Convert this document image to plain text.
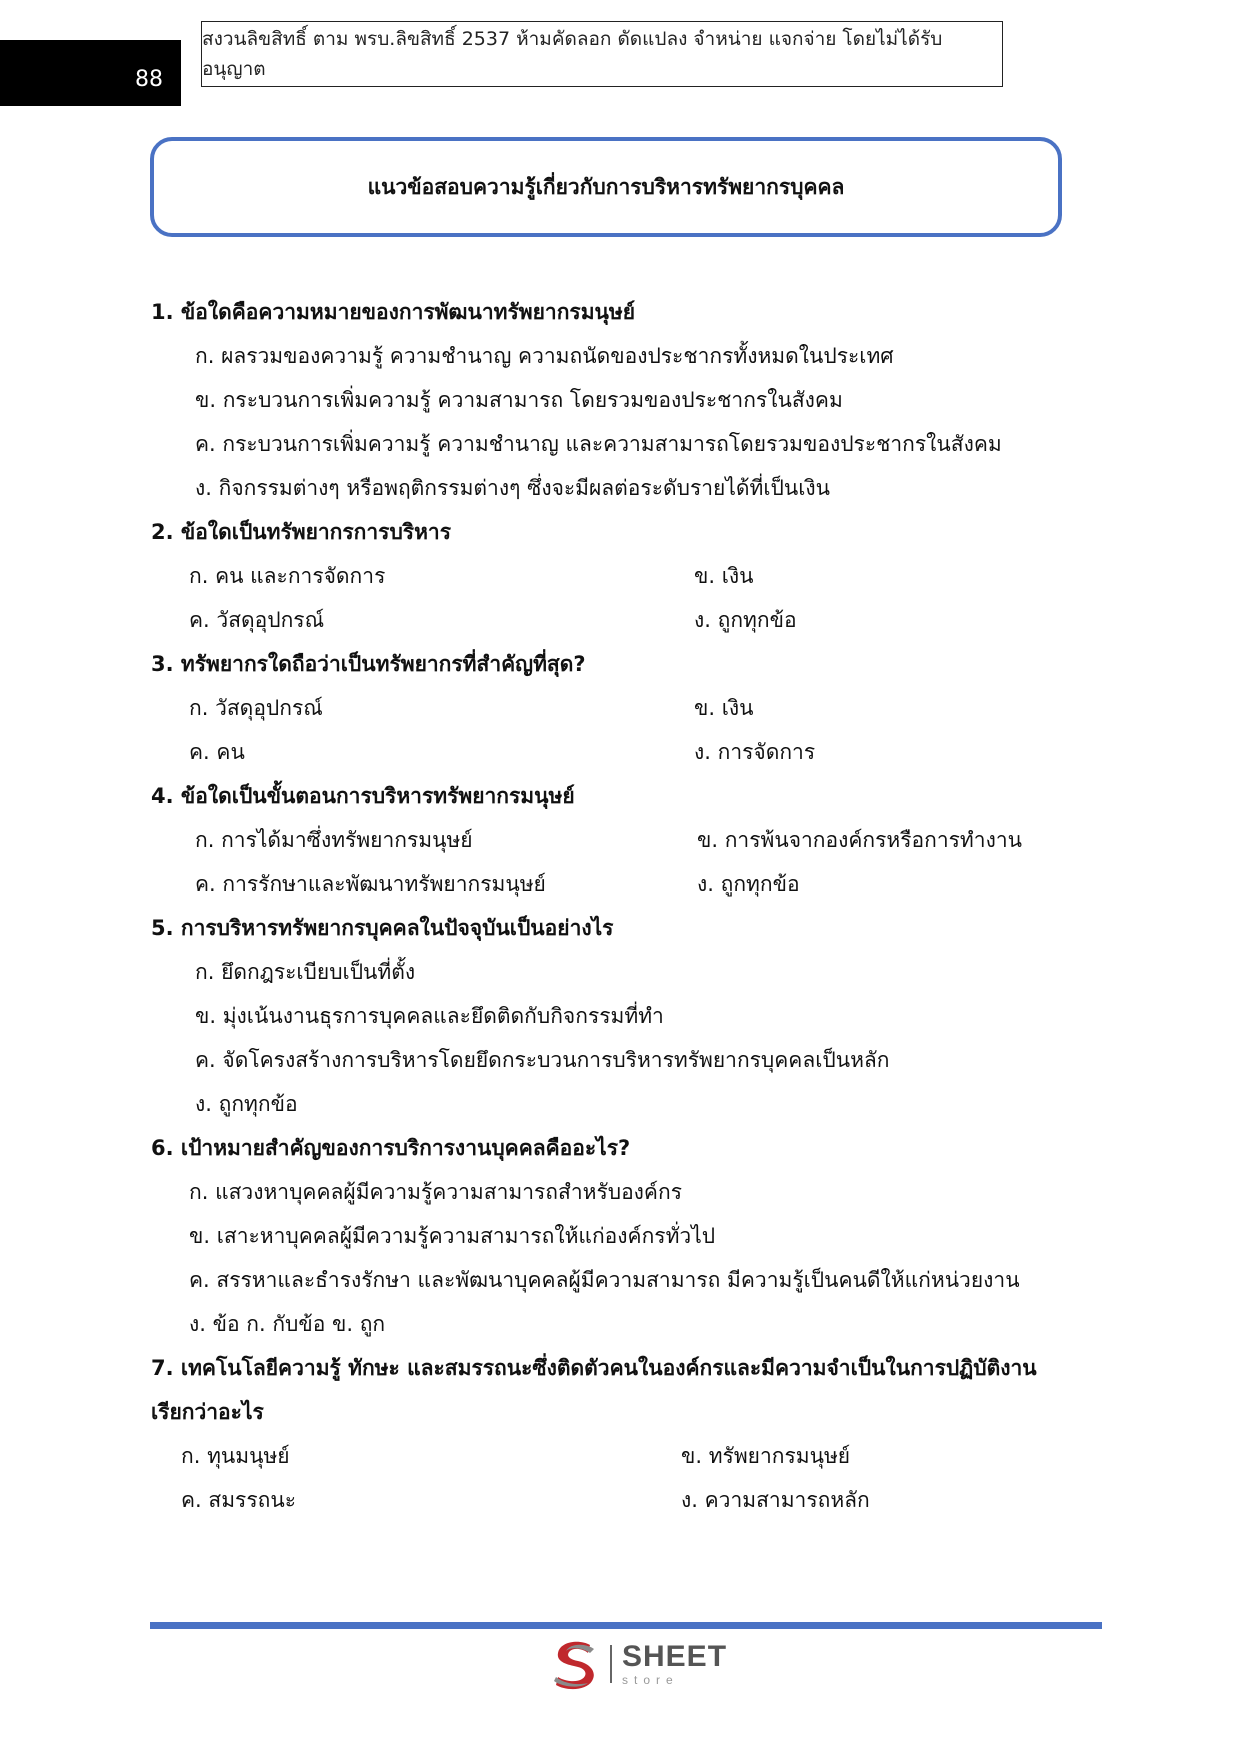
88
สงวนลิขสิทธิ์ ตาม พรบ.ลิขสิทธิ์ 2537 ห้ามคัดลอก ดัดแปลง จำหน่าย แจกจ่าย โดยไม่ได้รับอนุญาต
แนวข้อสอบความรู้เกี่ยวกับการบริหารทรัพยากรบุคคล
1. ข้อใดคือความหมายของการพัฒนาทรัพยากรมนุษย์
ก. ผลรวมของความรู้ ความชำนาญ ความถนัดของประชากรทั้งหมดในประเทศ
ข. กระบวนการเพิ่มความรู้ ความสามารถ โดยรวมของประชากรในสังคม
ค. กระบวนการเพิ่มความรู้ ความชำนาญ และความสามารถโดยรวมของประชากรในสังคม
ง. กิจกรรมต่างๆ หรือพฤติกรรมต่างๆ ซึ่งจะมีผลต่อระดับรายได้ที่เป็นเงิน
2. ข้อใดเป็นทรัพยากรการบริหาร
ก. คน และการจัดการ	ข. เงิน
ค. วัสดุอุปกรณ์	ง. ถูกทุกข้อ
3. ทรัพยากรใดถือว่าเป็นทรัพยากรที่สำคัญที่สุด?
ก. วัสดุอุปกรณ์	ข. เงิน
ค. คน	ง. การจัดการ
4. ข้อใดเป็นขั้นตอนการบริหารทรัพยากรมนุษย์
ก. การได้มาซึ่งทรัพยากรมนุษย์	ข. การพ้นจากองค์กรหรือการทำงาน
ค. การรักษาและพัฒนาทรัพยากรมนุษย์	ง. ถูกทุกข้อ
5. การบริหารทรัพยากรบุคคลในปัจจุบันเป็นอย่างไร
ก. ยึดกฎระเบียบเป็นที่ตั้ง
ข. มุ่งเน้นงานธุรการบุคคลและยึดติดกับกิจกรรมที่ทำ
ค. จัดโครงสร้างการบริหารโดยยึดกระบวนการบริหารทรัพยากรบุคคลเป็นหลัก
ง. ถูกทุกข้อ
6. เป้าหมายสำคัญของการบริการงานบุคคลคืออะไร?
ก. แสวงหาบุคคลผู้มีความรู้ความสามารถสำหรับองค์กร
ข. เสาะหาบุคคลผู้มีความรู้ความสามารถให้แก่องค์กรทั่วไป
ค. สรรหาและธำรงรักษา และพัฒนาบุคคลผู้มีความสามารถ มีความรู้เป็นคนดีให้แก่หน่วยงาน
ง. ข้อ ก. กับข้อ ข. ถูก
7. เทคโนโลยีความรู้ ทักษะ และสมรรถนะซึ่งติดตัวคนในองค์กรและมีความจำเป็นในการปฏิบัติงาน
เรียกว่าอะไร
ก. ทุนมนุษย์	ข. ทรัพยากรมนุษย์
ค. สมรรถนะ	ง. ความสามารถหลัก
SHEET
store
